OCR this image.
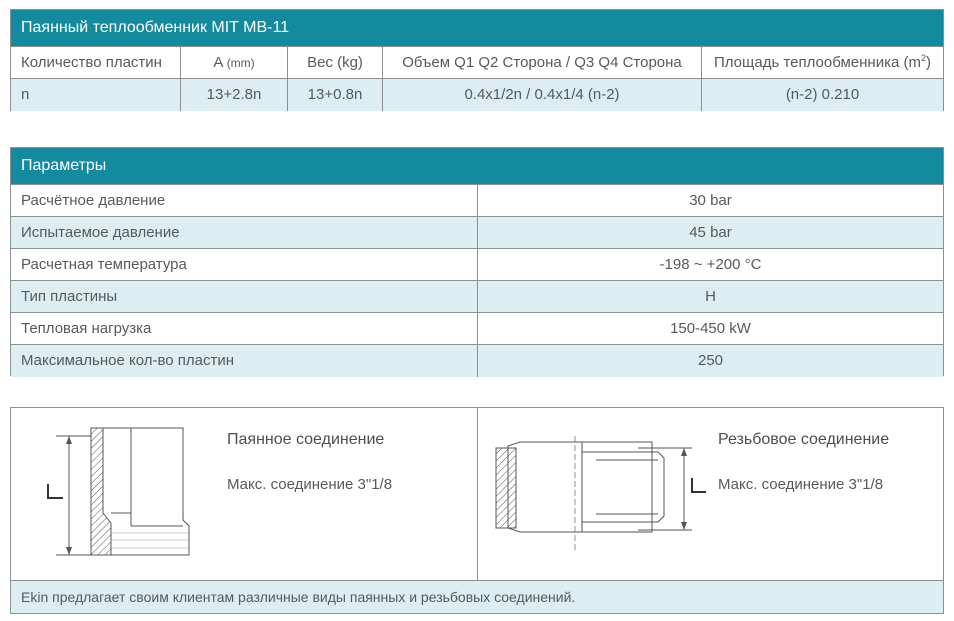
Паянный теплообменник MIT MB-11
Количество пластин	A (mm)	Вес (kg)	Объем Q1 Q2 Сторона / Q3 Q4 Сторона	Площадь теплообменника $(m^2)$
n	13+2.8n	13+0.8n	0.4x1/2n / 0.4x1/4 (n-2)	(n-2) 0.210
Параметры
Расчётное давление	30 bar
Испытаемое давление	45 bar
Расчетная температура	-198 ~ +200 °C
Тип пластины	H
Тепловая нагрузка	150-450 kW
Максимальное кол-во пластин	250
Паянное соединение
Макс. соединение 3"1/8
Резьбовое соединение
Макс. соединение 3"1/8
Ekin предлагает своим клиентам различные виды паянных и резьбовых соединений.
